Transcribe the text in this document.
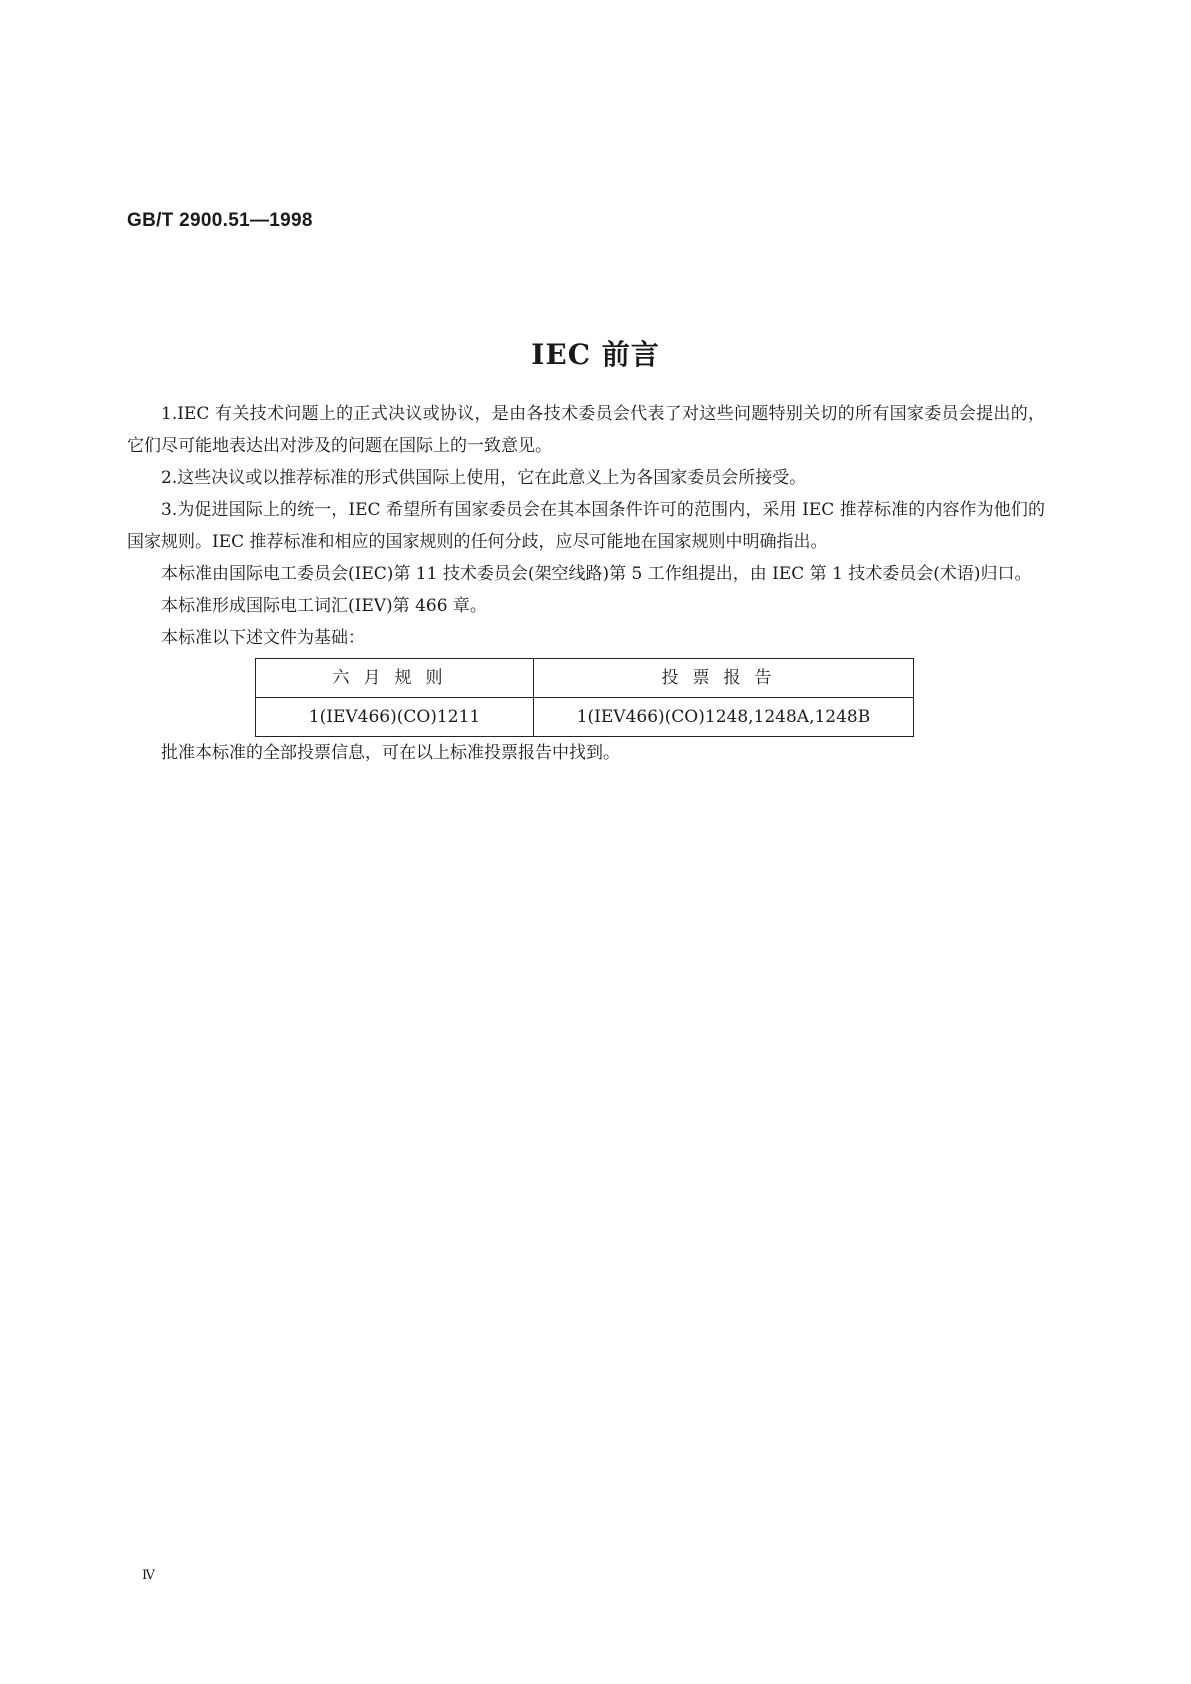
GB/T 2900.51—1998
IEC 前言

1.IEC 有关技术问题上的正式决议或协议，是由各技术委员会代表了对这些问题特别关切的所有国家委员会提出的，它们尽可能地表达出对涉及的问题在国际上的一致意见。

2.这些决议或以推荐标准的形式供国际上使用，它在此意义上为各国家委员会所接受。

3.为促进国际上的统一，IEC 希望所有国家委员会在其本国条件许可的范围内，采用 IEC 推荐标准的内容作为他们的国家规则。IEC 推荐标准和相应的国家规则的任何分歧，应尽可能地在国家规则中明确指出。

本标准由国际电工委员会(IEC)第 11 技术委员会(架空线路)第 5 工作组提出，由 IEC 第 1 技术委员会(术语)归口。

本标准形成国际电工词汇(IEV)第 466 章。

本标准以下述文件为基础：

六月规则	投票报告
1(IEV466)(CO)1211	1(IEV466)(CO)1248,1248A,1248B

批准本标准的全部投票信息，可在以上标准投票报告中找到。

Ⅳ
